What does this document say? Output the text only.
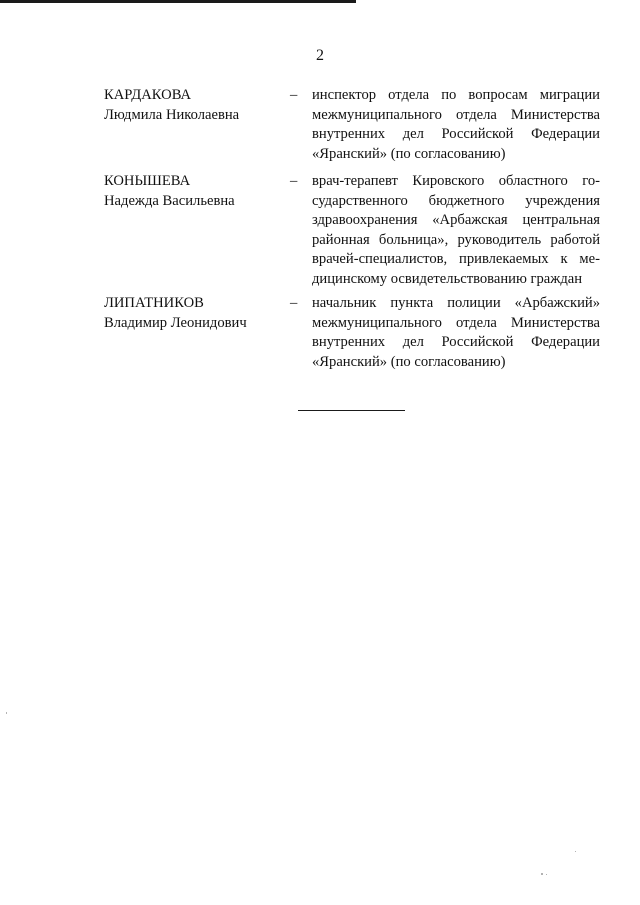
2
КАРДАКОВА
Людмила Николаевна
– инспектор отдела по вопросам миграции межмуниципального отдела Министерства внутренних дел Российской Федерации «Яранский» (по согласованию)
КОНЫШЕВА
Надежда Васильевна
– врач-терапевт Кировского областного государственного бюджетного учреждения здравоохранения «Арбажская центральная районная больница», руководитель работой врачей-специалистов, привлекаемых к медицинскому освидетельствованию граждан
ЛИПАТНИКОВ
Владимир Леонидович
– начальник пункта полиции «Арбажский» межмуниципального отдела Министерства внутренних дел Российской Федерации «Яранский» (по согласованию)
